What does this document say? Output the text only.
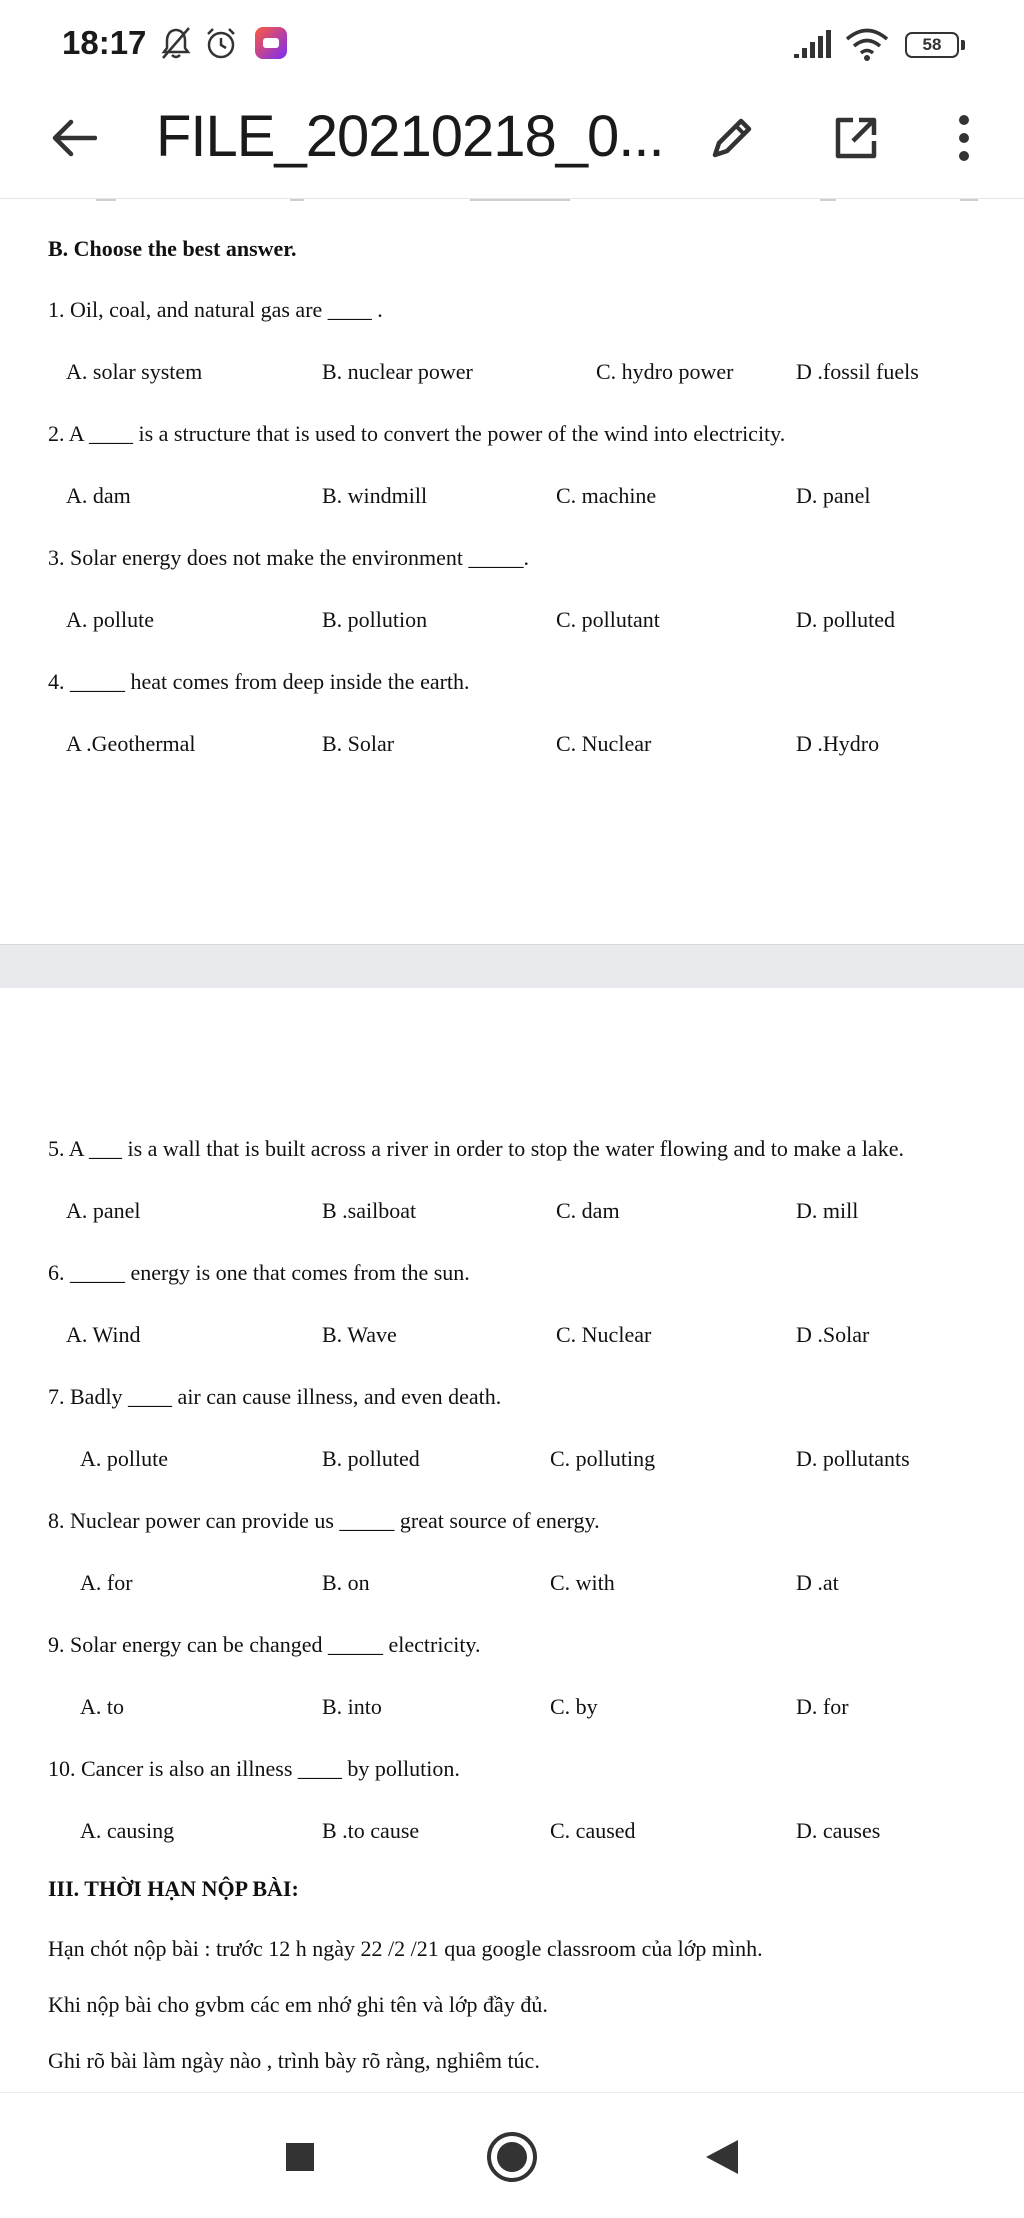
18:17	58
FILE_20210218_0...
B. Choose the best answer.
1. Oil, coal, and natural gas are ____ .
A. solar system	B. nuclear power	C. hydro power	D .fossil fuels
2. A ____ is a structure that is used to convert the power of the wind into electricity.
A. dam	B. windmill	C. machine	D. panel
3. Solar energy does not make the environment _____.
A. pollute	B. pollution	C. pollutant	D. polluted
4. _____ heat comes from deep inside the earth.
A .Geothermal	B. Solar	C. Nuclear	D .Hydro
5. A ___ is a wall that is built across a river in order to stop the water flowing and to make a lake.
A. panel	B .sailboat	C. dam	D. mill
6. _____ energy is one that comes from the sun.
A. Wind	B. Wave	C. Nuclear	D .Solar
7. Badly ____ air can cause illness, and even death.
A. pollute	B. polluted	C. polluting	D. pollutants
8. Nuclear power can provide us _____ great source of energy.
A. for	B. on	C. with	D .at
9. Solar energy can be changed _____ electricity.
A. to	B. into	C. by	D. for
10. Cancer is also an illness ____ by pollution.
A. causing	B .to cause	C. caused	D. causes
III. THỜI HẠN NỘP BÀI:
Hạn chót nộp bài : trước 12 h ngày 22 /2 /21 qua google classroom của lớp mình.
Khi nộp bài cho gvbm các em nhớ ghi tên và lớp đầy đủ.
Ghi rõ bài làm ngày nào , trình bày rõ ràng, nghiêm túc.
